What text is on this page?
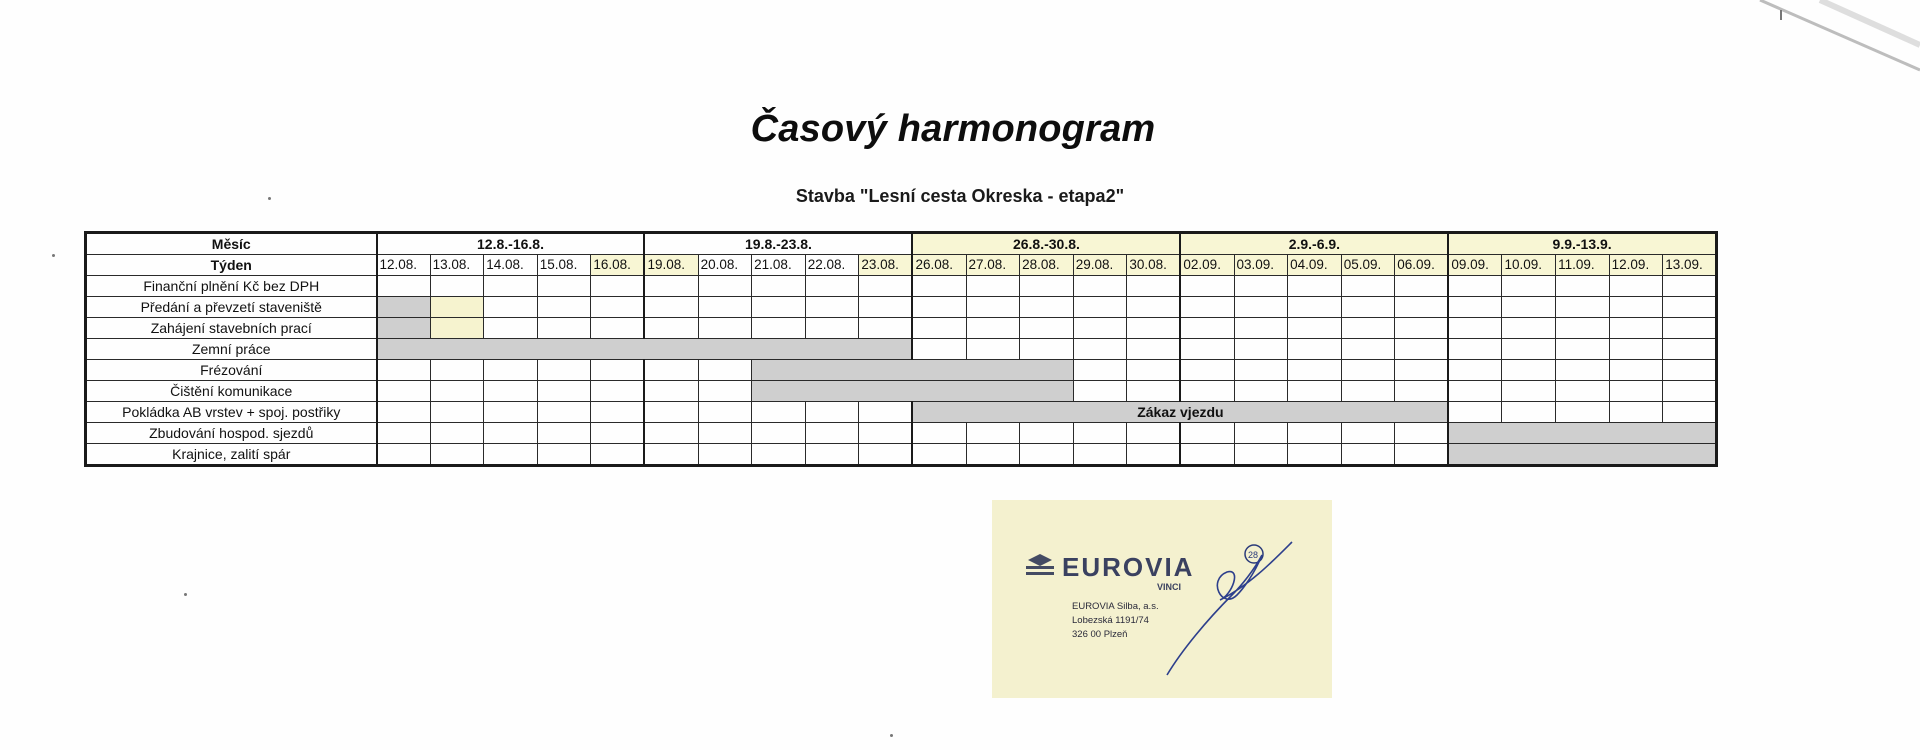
Časový harmonogram
Stavba "Lesní cesta Okreska - etapa2"
Měsíc	12.8.-16.8.					19.8.-23.8.					26.8.-30.8.					2.9.-6.9.					9.9.-13.9.				
Týden	12.08.	13.08.	14.08.	15.08.	16.08.	19.08.	20.08.	21.08.	22.08.	23.08.	26.08.	27.08.	28.08.	29.08.	30.08.	02.09.	03.09.	04.09.	05.09.	06.09.	09.09.	10.09.	11.09.	12.09.	13.09.
Finanční plnění Kč bez DPH																									
Předání a převzetí staveniště																									
Zahájení stavebních prací																									
Zemní práce																									
Frézování																									
Čištění komunikace																									
Pokládka AB vrstev + spoj. postřiky											Zákaz vjezdu														
Zbudování hospod. sjezdů																									
Krajnice, zalití spár																									
EUROVIA
VINCI
28
EUROVIA Silba, a.s.
Lobezská 1191/74
326 00 Plzeň
